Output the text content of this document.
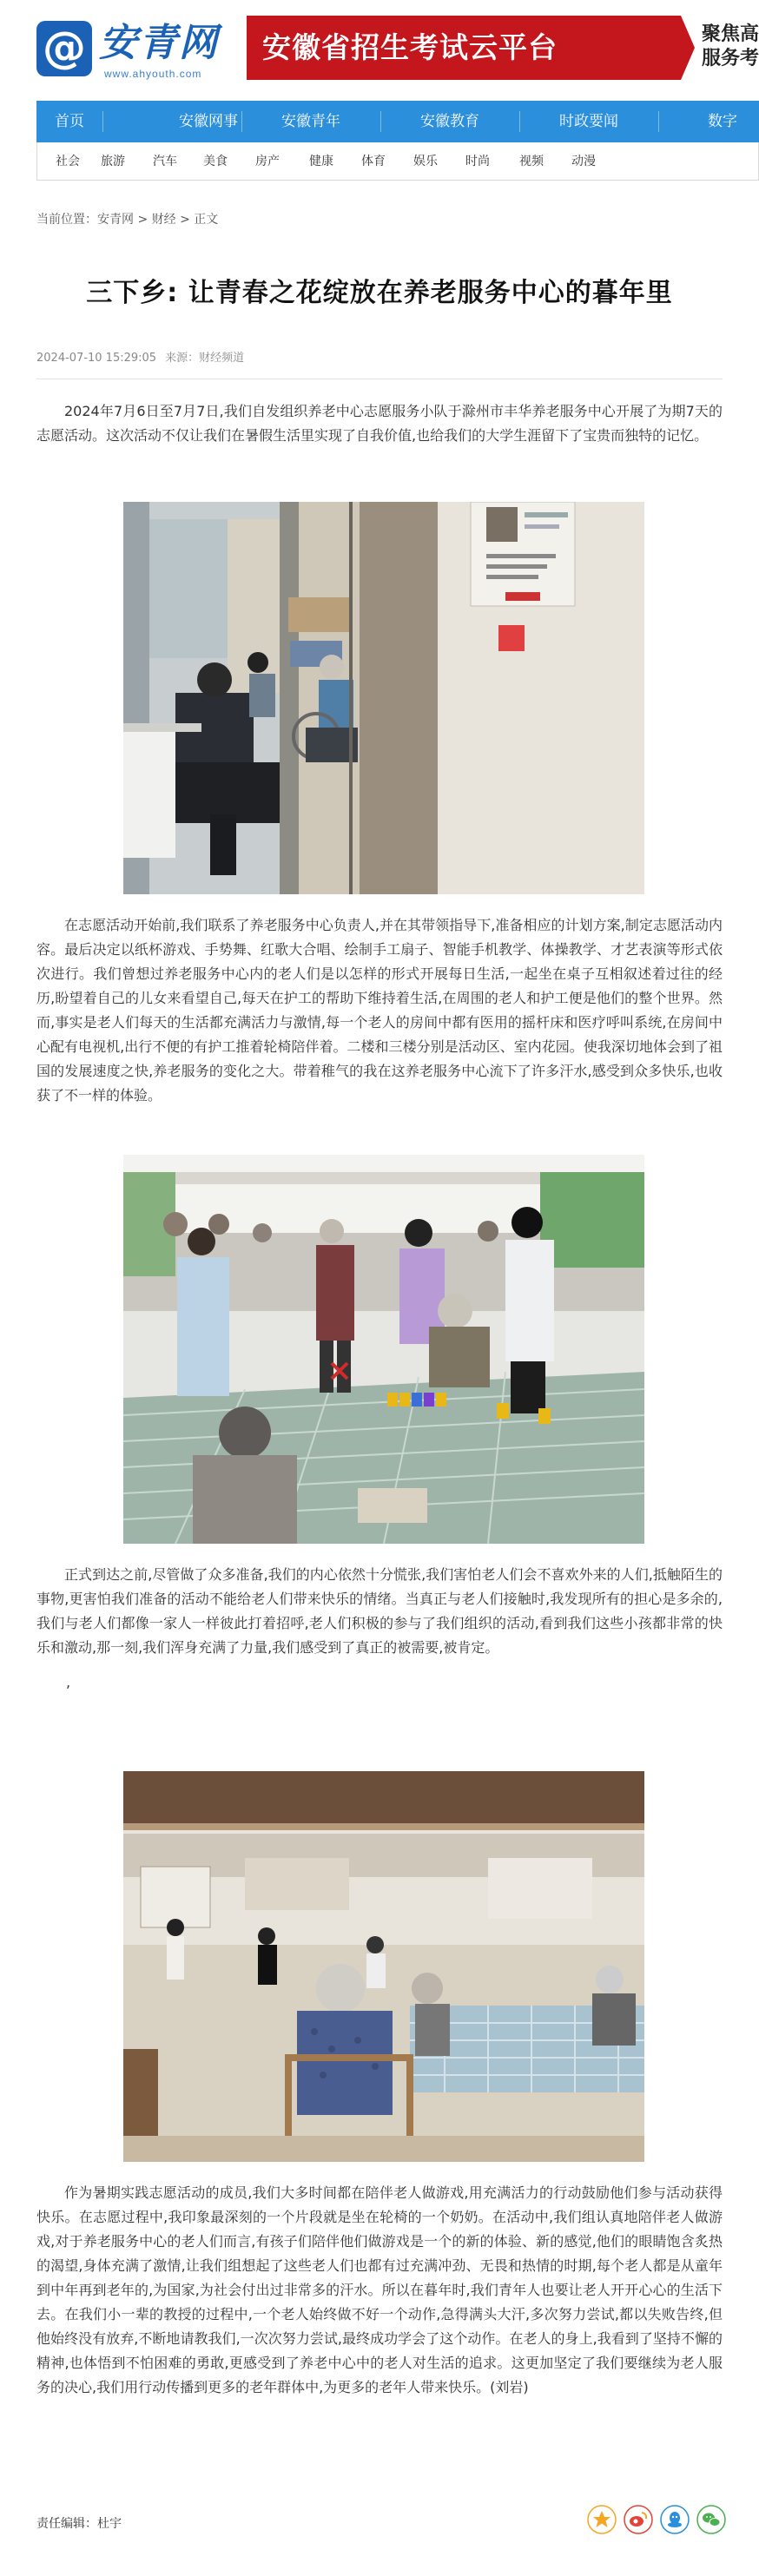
@ 安青网
www.ahyouth.com
安徽省招生考试云平台	聚焦高
服务考
首页	安徽网事	安徽青年	安徽教育	时政要闻	数字
社会	旅游	汽车	美食	房产	健康	体育	娱乐	时尚	视频	动漫
当前位置：安青网 > 财经 > 正文
三下乡: 让青春之花绽放在养老服务中心的暮年里
2024-07-10 15:29:05 来源：财经频道

2024年7月6日至7月7日,我们自发组织养老中心志愿服务小队于滁州市丰华养老服务中心开展了为期7天的志愿活动。这次活动不仅让我们在暑假生活里实现了自我价值,也给我们的大学生涯留下了宝贵而独特的记忆。

在志愿活动开始前,我们联系了养老服务中心负责人,并在其带领指导下,准备相应的计划方案,制定志愿活动内容。最后决定以纸杯游戏、手势舞、红歌大合唱、绘制手工扇子、智能手机教学、体操教学、才艺表演等形式依次进行。我们曾想过养老服务中心内的老人们是以怎样的形式开展每日生活,一起坐在桌子互相叙述着过往的经历,盼望着自己的儿女来看望自己,每天在护工的帮助下维持着生活,在周围的老人和护工便是他们的整个世界。然而,事实是老人们每天的生活都充满活力与激情,每一个老人的房间中都有医用的摇杆床和医疗呼叫系统,在房间中心配有电视机,出行不便的有护工推着轮椅陪伴着。二楼和三楼分别是活动区、室内花园。使我深切地体会到了祖国的发展速度之快,养老服务的变化之大。带着稚气的我在这养老服务中心流下了许多汗水,感受到众多快乐,也收获了不一样的体验。

正式到达之前,尽管做了众多准备,我们的内心依然十分慌张,我们害怕老人们会不喜欢外来的人们,抵触陌生的事物,更害怕我们准备的活动不能给老人们带来快乐的情绪。当真正与老人们接触时,我发现所有的担心是多余的,我们与老人们都像一家人一样彼此打着招呼,老人们积极的参与了我们组织的活动,看到我们这些小孩都非常的快乐和激动,那一刻,我们浑身充满了力量,我们感受到了真正的被需要,被肯定。

,

作为暑期实践志愿活动的成员,我们大多时间都在陪伴老人做游戏,用充满活力的行动鼓励他们参与活动获得快乐。在志愿过程中,我印象最深刻的一个片段就是坐在轮椅的一个奶奶。在活动中,我们组认真地陪伴老人做游戏,对于养老服务中心的老人们而言,有孩子们陪伴他们做游戏是一个的新的体验、新的感觉,他们的眼睛饱含炙热的渴望,身体充满了激情,让我们组想起了这些老人们也都有过充满冲劲、无畏和热情的时期,每个老人都是从童年到中年再到老年的,为国家,为社会付出过非常多的汗水。所以在暮年时,我们青年人也要让老人开开心心的生活下去。在我们小一辈的教授的过程中,一个老人始终做不好一个动作,急得满头大汗,多次努力尝试,都以失败告终,但他始终没有放弃,不断地请教我们,一次次努力尝试,最终成功学会了这个动作。在老人的身上,我看到了坚持不懈的精神,也体悟到不怕困难的勇敢,更感受到了养老中心中的老人对生活的追求。这更加坚定了我们要继续为老人服务的决心,我们用行动传播到更多的老年群体中,为更多的老年人带来快乐。(刘岩)

责任编辑：杜宇
